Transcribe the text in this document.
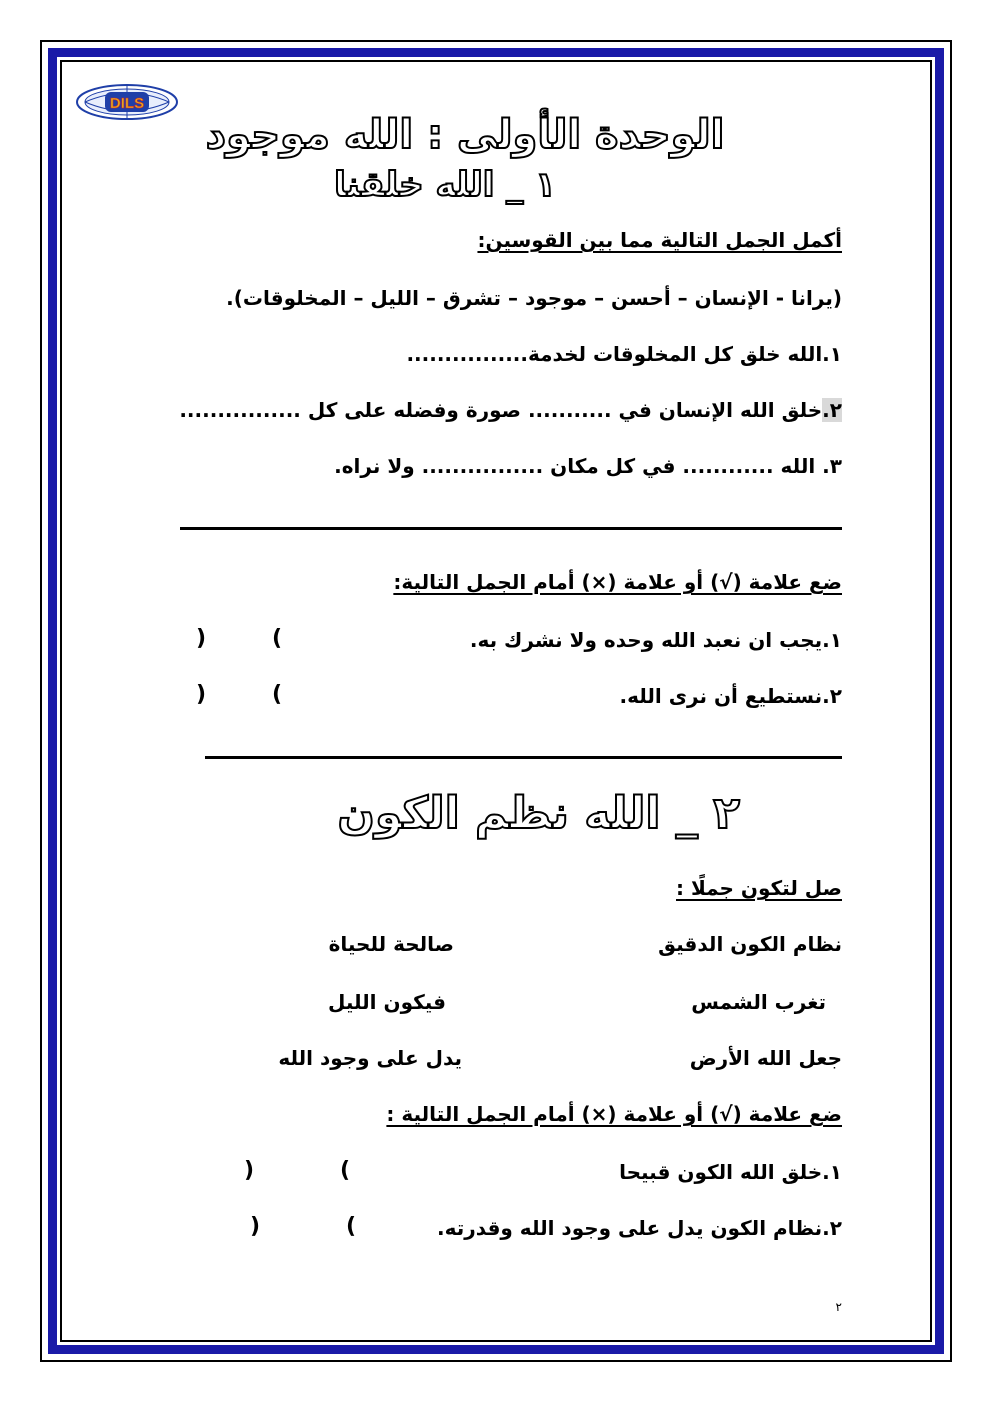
DILS
الوحدة الأولى : الله موجود
١ _ الله خلقنا
أكمل الجمل التالية مما بين القوسين:
(يرانا - الإنسان – أحسن – موجود – تشرق – الليل – المخلوقات).
١.الله خلق كل المخلوقات لخدمة................
٢.خلق الله الإنسان في ........... صورة وفضله على كل ................
٣. الله ............ في كل مكان ................ ولا نراه.
ضع علامة (√) أو علامة (×) أمام الجمل التالية:
١.يجب ان نعبد الله وحده ولا نشرك به.
(
)
٢.نستطيع أن نرى الله.
(
)
٢ _ الله نظم الكون
صل لتكون جملًا :
نظام الكون الدقيق
صالحة للحياة
تغرب الشمس
فيكون الليل
جعل الله الأرض
يدل على وجود الله
ضع علامة (√) أو علامة (×) أمام الجمل التالية :
١.خلق الله الكون قبيحا
(
)
٢.نظام الكون يدل على وجود الله وقدرته.
(
)
٢
